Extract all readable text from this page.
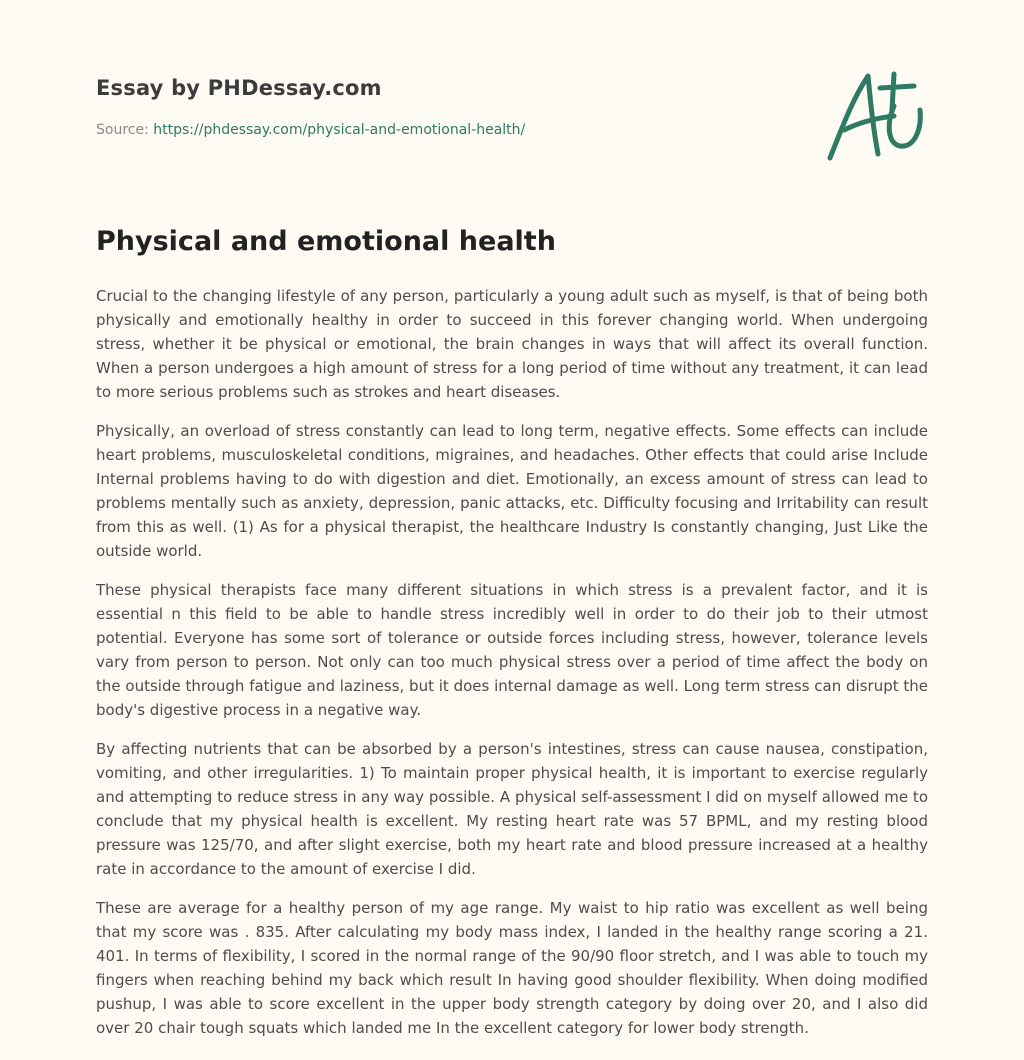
Essay by PHDessay.com
Source: https://phdessay.com/physical-and-emotional-health/
Physical and emotional health

Crucial to the changing lifestyle of any person, particularly a young adult such as myself, is that of being both physically and emotionally healthy in order to succeed in this forever changing world. When undergoing stress, whether it be physical or emotional, the brain changes in ways that will affect its overall function. When a person undergoes a high amount of stress for a long period of time without any treatment, it can lead to more serious problems such as strokes and heart diseases.

Physically, an overload of stress constantly can lead to long term, negative effects. Some effects can include heart problems, musculoskeletal conditions, migraines, and headaches. Other effects that could arise Include Internal problems having to do with digestion and diet. Emotionally, an excess amount of stress can lead to problems mentally such as anxiety, depression, panic attacks, etc. Difficulty focusing and Irritability can result from this as well. (1) As for a physical therapist, the healthcare Industry Is constantly changing, Just Like the outside world.

These physical therapists face many different situations in which stress is a prevalent factor, and it is essential n this field to be able to handle stress incredibly well in order to do their job to their utmost potential. Everyone has some sort of tolerance or outside forces including stress, however, tolerance levels vary from person to person. Not only can too much physical stress over a period of time affect the body on the outside through fatigue and laziness, but it does internal damage as well. Long term stress can disrupt the body's digestive process in a negative way.

By affecting nutrients that can be absorbed by a person's intestines, stress can cause nausea, constipation, vomiting, and other irregularities. 1) To maintain proper physical health, it is important to exercise regularly and attempting to reduce stress in any way possible. A physical self-assessment I did on myself allowed me to conclude that my physical health is excellent. My resting heart rate was 57 BPML, and my resting blood pressure was 125/70, and after slight exercise, both my heart rate and blood pressure increased at a healthy rate in accordance to the amount of exercise I did.

These are average for a healthy person of my age range. My waist to hip ratio was excellent as well being that my score was . 835. After calculating my body mass index, I landed in the healthy range scoring a 21. 401. In terms of flexibility, I scored in the normal range of the 90/90 floor stretch, and I was able to touch my fingers when reaching behind my back which result In having good shoulder flexibility. When doing modified pushup, I was able to score excellent in the upper body strength category by doing over 20, and I also did over 20 chair tough squats which landed me In the excellent category for lower body strength.
